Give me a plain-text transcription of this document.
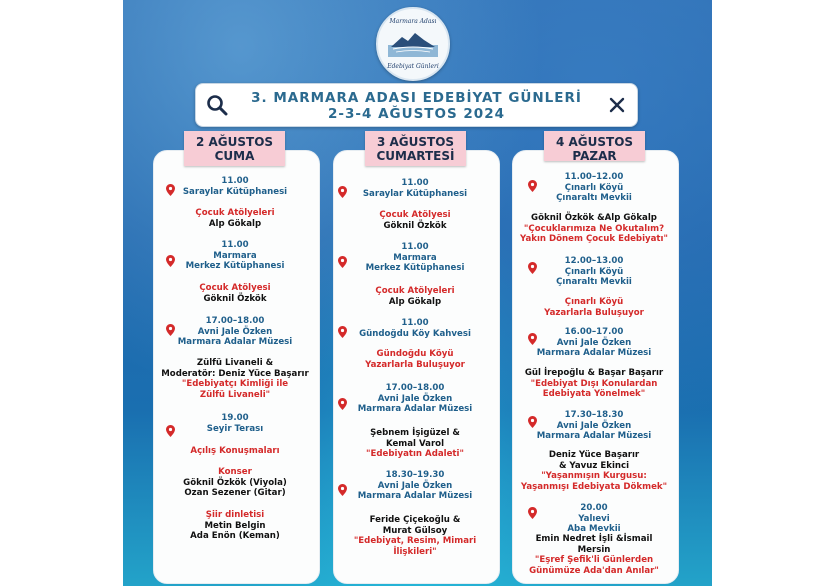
Marmara Adası
Edebiyat Günleri
3. MARMARA ADASI EDEBİYAT GÜNLERİ
2-3-4 AĞUSTOS 2024
2 AĞUSTOS
CUMA
3 AĞUSTOS
CUMARTESİ
4 AĞUSTOS
PAZAR
11.00
Saraylar Kütüphanesi
Çocuk Atölyeleri
Alp Gökalp
11.00
Marmara
Merkez Kütüphanesi
Çocuk Atölyesi
Göknil Özkök
17.00–18.00
Avni Jale Özken
Marmara Adalar Müzesi
Zülfü Livaneli &
Moderatör: Deniz Yüce Başarır
"Edebiyatçı Kimliği ile
Zülfü Livaneli"
19.00
Seyir Terası
Açılış Konuşmaları
Konser
Göknil Özkök (Viyola)
Ozan Sezener (Gitar)
Şiir dinletisi
Metin Belgin
Ada Enön (Keman)
11.00
Saraylar Kütüphanesi
Çocuk Atölyesi
Göknil Özkök
11.00
Marmara
Merkez Kütüphanesi
Çocuk Atölyeleri
Alp Gökalp
11.00
Gündoğdu Köy Kahvesi
Gündoğdu Köyü
Yazarlarla Buluşuyor
17.00–18.00
Avni Jale Özken
Marmara Adalar Müzesi
Şebnem İşigüzel &
Kemal Varol
"Edebiyatın Adaleti"
18.30–19.30
Avni Jale Özken
Marmara Adalar Müzesi
Feride Çiçekoğlu &
Murat Gülsoy
"Edebiyat, Resim, Mimari
İlişkileri"
11.00–12.00
Çınarlı Köyü
Çınaraltı Mevkii
Göknil Özkök &Alp Gökalp
"Çocuklarımıza Ne Okutalım?
Yakın Dönem Çocuk Edebiyatı"
12.00–13.00
Çınarlı Köyü
Çınaraltı Mevkii
Çınarlı Köyü
Yazarlarla Buluşuyor
16.00–17.00
Avni Jale Özken
Marmara Adalar Müzesi
Gül İrepoğlu & Başar Başarır
"Edebiyat Dışı Konulardan
Edebiyata Yönelmek"
17.30–18.30
Avni Jale Özken
Marmara Adalar Müzesi
Deniz Yüce Başarır
& Yavuz Ekinci
"Yaşanmışın Kurgusu:
Yaşanmışı Edebiyata Dökmek"
20.00
Yalıevi
Aba Mevkii
Emin Nedret İşli &İsmail Mersin
"Eşref Şefik'li Günlerden
Günümüze Ada'dan Anılar"
